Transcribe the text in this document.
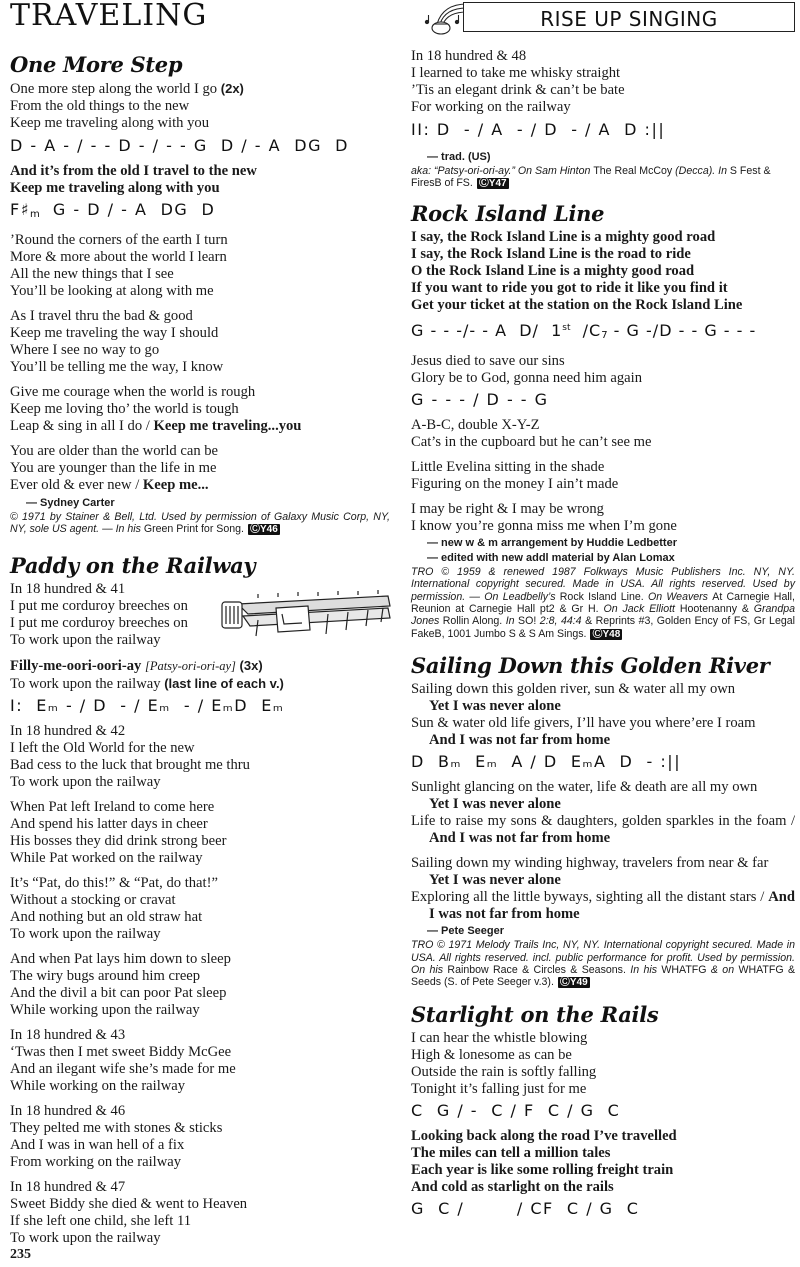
TRAVELING
One More Step
One more step along the world I go (2x)
From the old things to the new
Keep me traveling along with you
D - A - / - - D - / - - G  D / - A  DG  D
And it’s from the old I travel to the new
Keep me traveling along with you
$F♯_m$  G - D / - A  DG  D
’Round the corners of the earth I turn
More & more about the world I learn
All the new things that I see
You’ll be looking at along with me
As I travel thru the bad & good
Keep me traveling the way I should
Where I see no way to go
You’ll be telling me the way, I know
Give me courage when the world is rough
Keep me loving tho’ the world is tough
Leap & sing in all I do / Keep me traveling...you
You are older than the world can be
You are younger than the life in me
Ever old & ever new / Keep me...
— Sydney Carter
© 1971 by Stainer & Bell, Ltd. Used by permission of Galaxy Music Corp, NY, NY, sole US agent. — In his Green Print for Song. ⒸY46
Paddy on the Railway
In 18 hundred & 41
I put me corduroy breeches on
I put me corduroy breeches on
To work upon the railway
Filly-me-oori-oori-ay [Patsy-ori-ori-ay] (3x)
To work upon the railway (last line of each v.)
I:  Eₘ - / D  - / Eₘ  - / EₘD  Eₘ
In 18 hundred & 42
I left the Old World for the new
Bad cess to the luck that brought me thru
To work upon the railway
When Pat left Ireland to come here
And spend his latter days in cheer
His bosses they did drink strong beer
While Pat worked on the railway
It’s “Pat, do this!” & “Pat, do that!”
Without a stocking or cravat
And nothing but an old straw hat
To work upon the railway
And when Pat lays him down to sleep
The wiry bugs around him creep
And the divil a bit can poor Pat sleep
While working upon the railway
In 18 hundred & 43
‘Twas then I met sweet Biddy McGee
And an ilegant wife she’s made for me
While working on the railway
In 18 hundred & 46
They pelted me with stones & sticks
And I was in wan hell of a fix
From working on the railway
In 18 hundred & 47
Sweet Biddy she died & went to Heaven
If she left one child, she left 11
To work upon the railway
RISE UP SINGING
In 18 hundred & 48
I learned to take me whisky straight
’Tis an elegant drink & can’t be bate
For working on the railway
II: D  - / A  - / D  - / A  D :||
— trad. (US)
aka: “Patsy-ori-ori-ay.” On Sam Hinton The Real McCoy (Decca). In S Fest & FiresB of FS. ⒸY47
Rock Island Line
I say, the Rock Island Line is a mighty good road
I say, the Rock Island Line is the road to ride
O the Rock Island Line is a mighty good road
If you want to ride you got to ride it like you find it
Get your ticket at the station on the Rock Island Line
G - - -/- - A  D/  1st  $/C_7$ - G -/D - - G - - -
Jesus died to save our sins
Glory be to God, gonna need him again
G - - - / D - - G
A-B-C, double X-Y-Z
Cat’s in the cupboard but he can’t see me
Little Evelina sitting in the shade
Figuring on the money I ain’t made
I may be right & I may be wrong
I know you’re gonna miss me when I’m gone
— new w & m arrangement by Huddie Ledbetter
— edited with new addl material by Alan Lomax
TRO © 1959 & renewed 1987 Folkways Music Publishers Inc. NY, NY. International copyright secured. Made in USA. All rights reserved. Used by permission. — On Leadbelly’s Rock Island Line. On Weavers At Carnegie Hall, Reunion at Carnegie Hall pt2 & Gr H. On Jack Elliott Hootenanny & Grandpa Jones Rollin Along. In SO! 2:8, 44:4 & Reprints #3, Golden Ency of FS, Gr Legal FakeB, 1001 Jumbo S & S Am Sings. ⒸY48
Sailing Down this Golden River
Sailing down this golden river, sun & water all my own
Yet I was never alone
Sun & water old life givers, I’ll have you where’ere I roam
And I was not far from home
D  Bₘ  Eₘ  A / D  EₘA  D  - :||
Sunlight glancing on the water, life & death are all my own
Yet I was never alone
Life to raise my sons & daughters, golden sparkles in the foam / And I was not far from home
Sailing down my winding highway, travelers from near & far
Yet I was never alone
Exploring all the little byways, sighting all the distant stars / And I was not far from home
— Pete Seeger
TRO © 1971 Melody Trails Inc, NY, NY. International copyright secured. Made in USA. All rights reserved. incl. public performance for profit. Used by permission. On his Rainbow Race & Circles & Seasons. In his WHATFG & on WHATFG & Seeds (S. of Pete Seeger v.3). ⒸY49
Starlight on the Rails
I can hear the whistle blowing
High & lonesome as can be
Outside the rain is softly falling
Tonight it’s falling just for me
C  G / -  C / F  C / G  C
Looking back along the road I’ve travelled
The miles can tell a million tales
Each year is like some rolling freight train
And cold as starlight on the rails
G  C /        / CF  C / G  C
235
